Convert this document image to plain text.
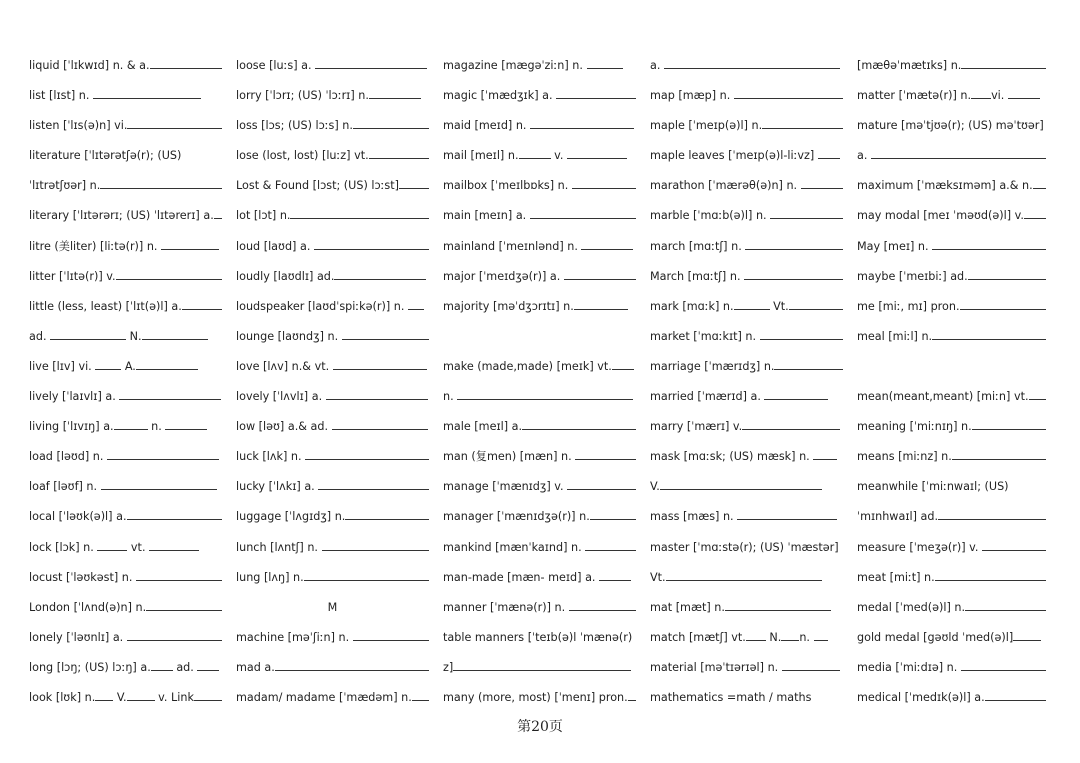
liquid [ˈlɪkwɪd] n. & a.
list [lɪst] n.
listen [ˈlɪs(ə)n] vi.
literature [ˈlɪtərətʃə(r); (US)
ˈlɪtrətʃʊər] n.
literary [ˈlɪtərərɪ; (US) ˈlɪtərerɪ] a.
litre (美liter) [liːtə(r)] n.
litter [ˈlɪtə(r)] v.
little (less, least) [ˈlɪt(ə)l] a.
ad.	N.
live [lɪv] vi.  A.
lively [ˈlaɪvlɪ] a.
living [ˈlɪvɪŋ] a.	n.
load [ləʊd] n.
loaf [ləʊf] n.
local [ˈləʊk(ə)l] a.
lock [lɔk] n.	vt.
locust [ˈləʊkəst] n.
London [ˈlʌnd(ə)n] n.
lonely [ˈləʊnlɪ] a.
long [lɔŋ; (US) lɔːŋ] a. ad.
look [lʊk] n. V.	v. Link
loose [luːs] a.
lorry [ˈlɔrɪ; (US) ˈlɔːrɪ] n.
loss [lɔs; (US) lɔːs] n.
lose (lost, lost) [luːz] vt.
Lost & Found [lɔst; (US) lɔːst]
lot [lɔt] n.
loud [laʊd] a.
loudly [laʊdlɪ] ad.
loudspeaker [laʊdˈspiːkə(r)] n.
lounge [laʊndʒ] n.
love [lʌv] n.& vt.
lovely [ˈlʌvlɪ] a.
low [ləʊ] a.& ad.
luck [lʌk] n.
lucky [ˈlʌkɪ] a.
luggage [ˈlʌgɪdʒ] n.
lunch [lʌntʃ] n.
lung [lʌŋ] n.
M
machine [məˈʃiːn] n.
mad a.
madam/ madame [ˈmædəm] n.
magazine [mægəˈziːn] n.
magic [ˈmædʒɪk] a.
maid [meɪd] n.
mail [meɪl] n.	v.
mailbox [ˈmeɪlbɒks] n.
main [meɪn] a.
mainland [ˈmeɪnlənd] n.
major [ˈmeɪdʒə(r)] a.
majority [məˈdʒɔrɪtɪ] n.
make (made,made) [meɪk] vt.
n.
male [meɪl] a.
man (复men) [mæn] n.
manage [ˈmænɪdʒ] v.
manager [ˈmænɪdʒə(r)] n.
mankind [mænˈkaɪnd] n.
man-made [mæn- meɪd] a.
manner [ˈmænə(r)] n.
table manners [ˈteɪb(ə)l ˈmænə(r)
z]
many (more, most) [ˈmenɪ] pron.
a.
map [mæp] n.
maple [ˈmeɪp(ə)l] n.
maple leaves [ˈmeɪp(ə)l-liːvz]
marathon [ˈmærəθ(ə)n] n.
marble [ˈmɑːb(ə)l] n.
march [mɑːtʃ] n.
March [mɑːtʃ] n.
mark [mɑːk] n.	Vt.
market [ˈmɑːkɪt] n.
marriage [ˈmærɪdʒ] n.
married [ˈmærɪd] a.
marry [ˈmærɪ] v.
mask [mɑːsk; (US) mæsk] n.
V.
mass [mæs] n.
master [ˈmɑːstə(r); (US) ˈmæstər]
Vt.
mat [mæt] n.
match [mætʃ] vt. N. n.
material [məˈtɪərɪəl] n.
mathematics =math / maths
[mæθəˈmætɪks] n.
matter [ˈmætə(r)] n. vi.
mature [məˈtjʊə(r); (US) məˈtʊər]
a.
maximum [ˈmæksɪməm] a.& n.
may modal [meɪ ˈməʊd(ə)l] v.
May [meɪ] n.
maybe [ˈmeɪbiː] ad.
me [miː, mɪ] pron.
meal [miːl] n.
mean(meant,meant) [miːn] vt.
meaning [ˈmiːnɪŋ] n.
means [miːnz] n.
meanwhile [ˈmiːnwaɪl; (US)
ˈmɪnhwaɪl] ad.
measure [ˈmeʒə(r)] v.
meat [miːt] n.
medal [ˈmed(ə)l] n.
gold medal [gəʊld ˈmed(ə)l]
media [ˈmiːdɪə] n.
medical [ˈmedɪk(ə)l] a.
第20页
